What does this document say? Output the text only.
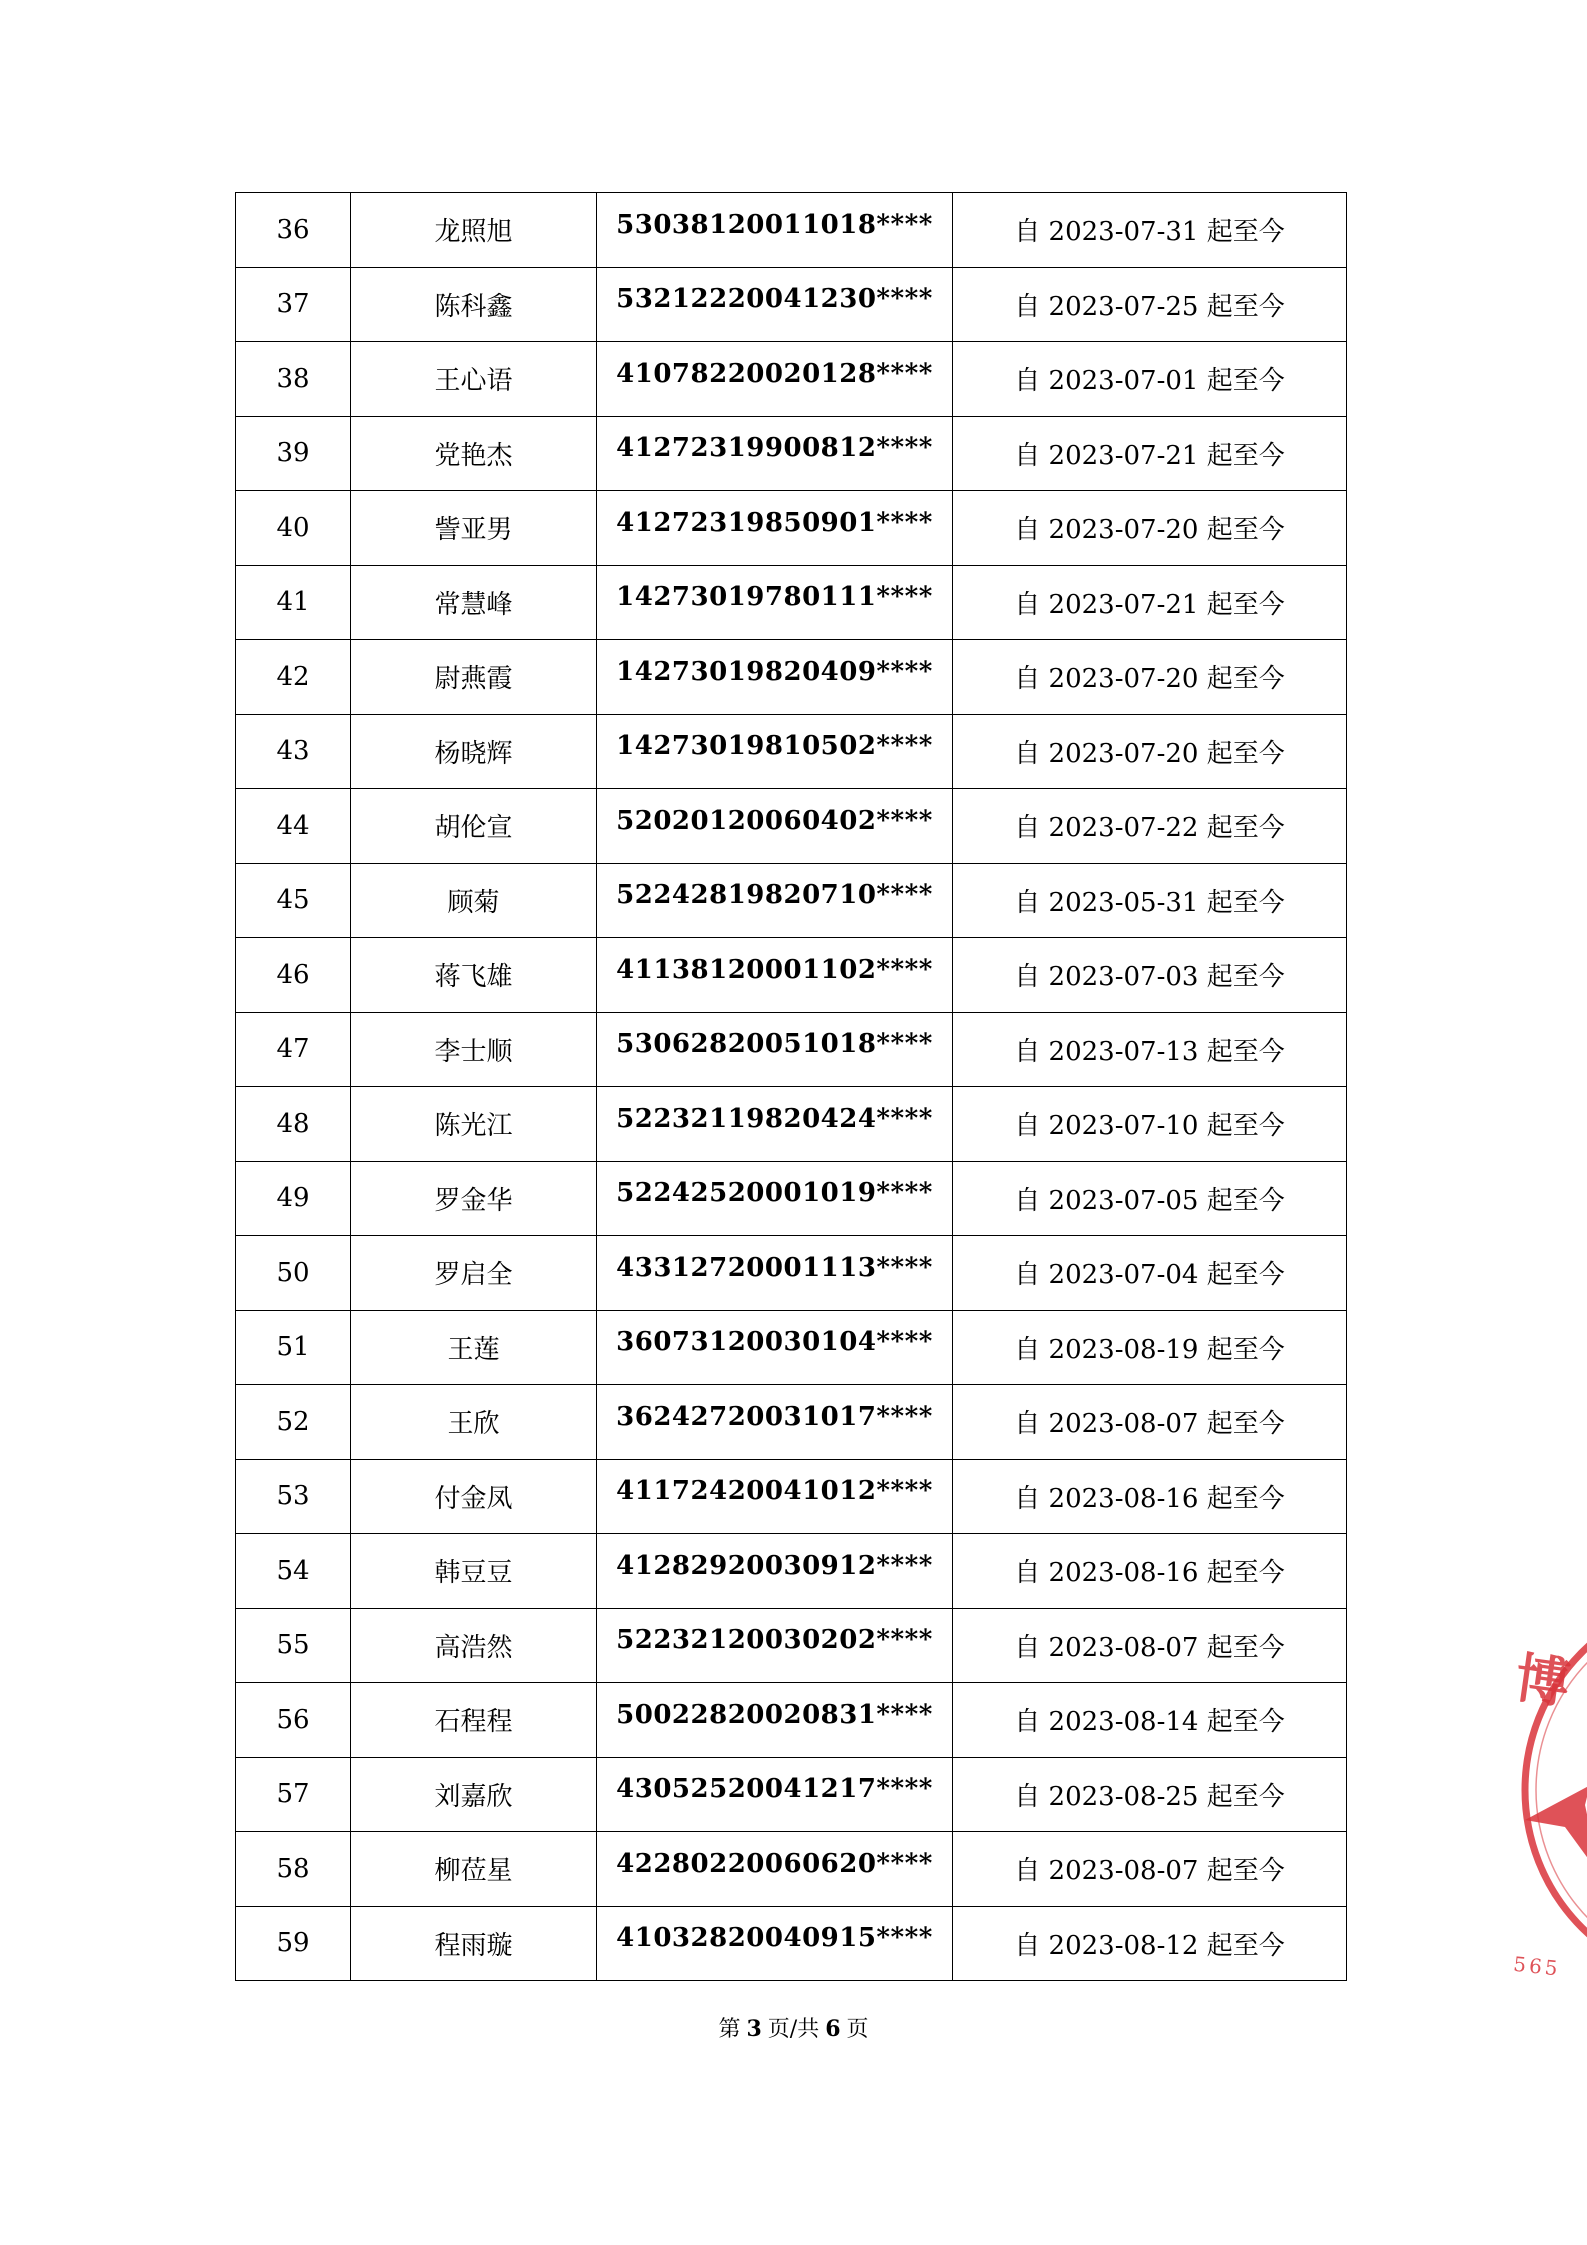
36	龙照旭	53038120011018****	自 2023-07-31 起至今
37	陈科鑫	53212220041230****	自 2023-07-25 起至今
38	王心语	41078220020128****	自 2023-07-01 起至今
39	党艳杰	41272319900812****	自 2023-07-21 起至今
40	訾亚男	41272319850901****	自 2023-07-20 起至今
41	常慧峰	14273019780111****	自 2023-07-21 起至今
42	尉燕霞	14273019820409****	自 2023-07-20 起至今
43	杨晓辉	14273019810502****	自 2023-07-20 起至今
44	胡伦宣	52020120060402****	自 2023-07-22 起至今
45	顾菊	52242819820710****	自 2023-05-31 起至今
46	蒋飞雄	41138120001102****	自 2023-07-03 起至今
47	李士顺	53062820051018****	自 2023-07-13 起至今
48	陈光江	52232119820424****	自 2023-07-10 起至今
49	罗金华	52242520001019****	自 2023-07-05 起至今
50	罗启全	43312720001113****	自 2023-07-04 起至今
51	王莲	36073120030104****	自 2023-08-19 起至今
52	王欣	36242720031017****	自 2023-08-07 起至今
53	付金凤	41172420041012****	自 2023-08-16 起至今
54	韩豆豆	41282920030912****	自 2023-08-16 起至今
55	高浩然	52232120030202****	自 2023-08-07 起至今
56	石程程	50022820020831****	自 2023-08-14 起至今
57	刘嘉欣	43052520041217****	自 2023-08-25 起至今
58	柳莅星	42280220060620****	自 2023-08-07 起至今
59	程雨璇	41032820040915****	自 2023-08-12 起至今
第 3 页/共 6 页
博
565
